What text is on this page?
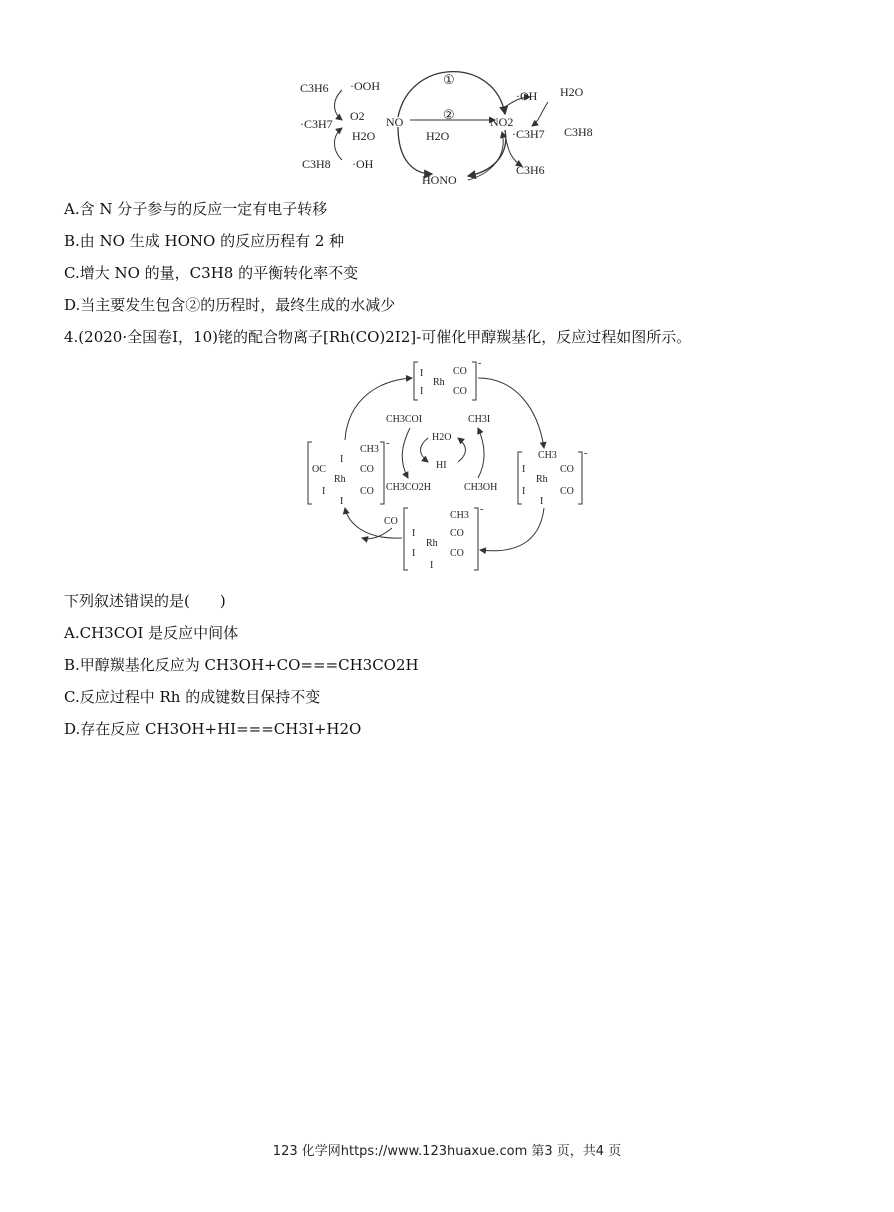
C3H6 ·OOH
O2
·C3H7
H2O
C3H8 ·OH
NO
①
②
H2O
NO2
HONO
·OH H2O
·C3H7 C3H8
C3H6
A.含 N 分子参与的反应一定有电子转移
B.由 NO 生成 HONO 的反应历程有 2 种
C.增大 NO 的量，C3H8 的平衡转化率不变
D.当主要发生包含②的历程时，最终生成的水减少
4.(2020·全国卷Ⅰ，10)铑的配合物离子[Rh(CO)2I2]-可催化甲醇羰基化，反应过程如图所示。
I
I
Rh
CO
CO
-
CH3
-
I
OC	CO
Rh
I	CO
I
CH3	-
I	CO
Rh
I	CO
I
CH3
-
I	CO
Rh
I	CO
I
CH3COI	CH3I
H2O
HI
CH3CO2H	CH3OH
CO
下列叙述错误的是(　　)
A.CH3COI 是反应中间体
B.甲醇羰基化反应为 CH3OH+CO===CH3CO2H
C.反应过程中 Rh 的成键数目保持不变
D.存在反应 CH3OH+HI===CH3I+H2O
123 化学网https://www.123huaxue.com 第3 页，共4 页
